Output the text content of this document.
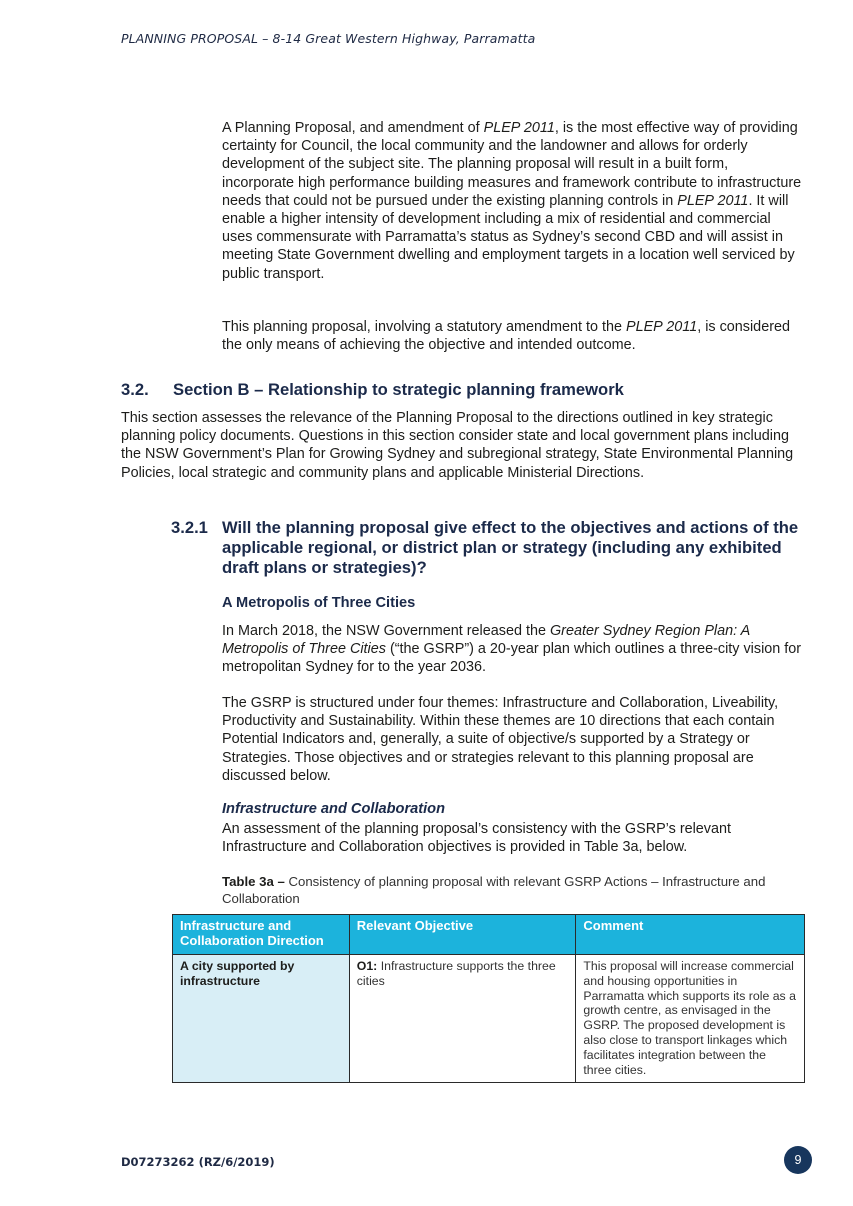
PLANNING PROPOSAL – 8-14 Great Western Highway, Parramatta

A Planning Proposal, and amendment of PLEP 2011, is the most effective way of providing certainty for Council, the local community and the landowner and allows for orderly development of the subject site. The planning proposal will result in a built form, incorporate high performance building measures and framework contribute to infrastructure needs that could not be pursued under the existing planning controls in PLEP 2011. It will enable a higher intensity of development including a mix of residential and commercial uses commensurate with Parramatta’s status as Sydney’s second CBD and will assist in meeting State Government dwelling and employment targets in a location well serviced by public transport.

This planning proposal, involving a statutory amendment to the PLEP 2011, is considered the only means of achieving the objective and intended outcome.

3.2. Section B – Relationship to strategic planning framework

This section assesses the relevance of the Planning Proposal to the directions outlined in key strategic planning policy documents. Questions in this section consider state and local government plans including the NSW Government’s Plan for Growing Sydney and subregional strategy, State Environmental Planning Policies, local strategic and community plans and applicable Ministerial Directions.

3.2.1 Will the planning proposal give effect to the objectives and actions of the applicable regional, or district plan or strategy (including any exhibited draft plans or strategies)?
A Metropolis of Three Cities

In March 2018, the NSW Government released the Greater Sydney Region Plan: A Metropolis of Three Cities (“the GSRP”) a 20-year plan which outlines a three-city vision for metropolitan Sydney for to the year 2036.

The GSRP is structured under four themes: Infrastructure and Collaboration, Liveability, Productivity and Sustainability. Within these themes are 10 directions that each contain Potential Indicators and, generally, a suite of objective/s supported by a Strategy or Strategies. Those objectives and or strategies relevant to this planning proposal are discussed below.

Infrastructure and Collaboration

An assessment of the planning proposal’s consistency with the GSRP’s relevant Infrastructure and Collaboration objectives is provided in Table 3a, below.

Table 3a – Consistency of planning proposal with relevant GSRP Actions – Infrastructure and Collaboration
Infrastructure and Collaboration Direction	Relevant Objective	Comment
A city supported by infrastructure	O1: Infrastructure supports the three cities	This proposal will increase commercial and housing opportunities in Parramatta which supports its role as a growth centre, as envisaged in the GSRP. The proposed development is also close to transport linkages which facilitates integration between the three cities.
D07273262 (RZ/6/2019)	9
